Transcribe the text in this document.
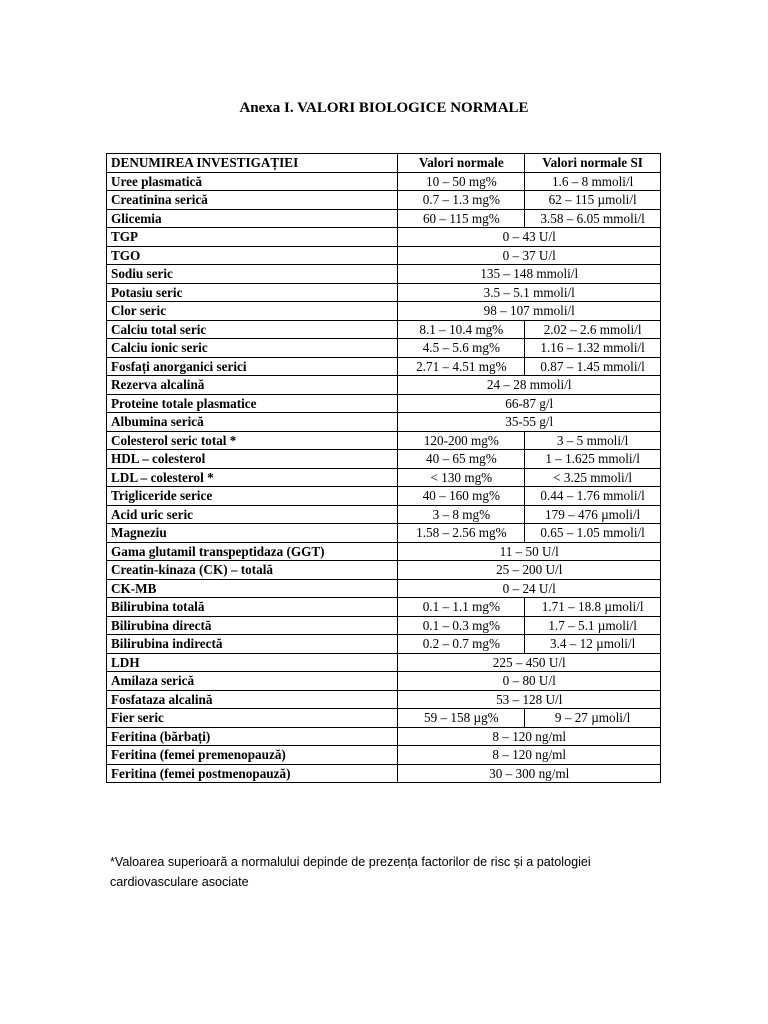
Anexa I. VALORI BIOLOGICE NORMALE
DENUMIREA INVESTIGAȚIEI	Valori normale	Valori normale SI
Uree plasmatică	10 – 50 mg%	1.6 – 8 mmoli/l
Creatinina serică	0.7 – 1.3 mg%	62 – 115 µmoli/l
Glicemia	60 – 115 mg%	3.58 – 6.05 mmoli/l
TGP	0 – 43 U/l	
TGO	0 – 37 U/l	
Sodiu seric	135 – 148 mmoli/l	
Potasiu seric	3.5 – 5.1 mmoli/l	
Clor seric	98 – 107 mmoli/l	
Calciu total seric	8.1 – 10.4 mg%	2.02 – 2.6 mmoli/l
Calciu ionic seric	4.5 – 5.6 mg%	1.16 – 1.32 mmoli/l
Fosfați anorganici serici	2.71 – 4.51 mg%	0.87 – 1.45 mmoli/l
Rezerva alcalină	24 – 28 mmoli/l	
Proteine totale plasmatice	66-87 g/l	
Albumina serică	35-55 g/l	
Colesterol seric total *	120-200 mg%	3 – 5 mmoli/l
HDL – colesterol	40 – 65 mg%	1 – 1.625 mmoli/l
LDL – colesterol *	< 130 mg%	< 3.25 mmoli/l
Trigliceride serice	40 – 160 mg%	0.44 – 1.76 mmoli/l
Acid uric seric	3 – 8 mg%	179 – 476 µmoli/l
Magneziu	1.58 – 2.56 mg%	0.65 – 1.05 mmoli/l
Gama glutamil transpeptidaza (GGT)	11 – 50 U/l	
Creatin-kinaza (CK) – totală	25 – 200 U/l	
CK-MB	0 – 24 U/l	
Bilirubina totală	0.1 – 1.1 mg%	1.71 – 18.8 µmoli/l
Bilirubina directă	0.1 – 0.3 mg%	1.7 – 5.1 µmoli/l
Bilirubina indirectă	0.2 – 0.7 mg%	3.4 – 12 µmoli/l
LDH	225 – 450 U/l	
Amilaza serică	0 – 80 U/l	
Fosfataza alcalină	53 – 128 U/l	
Fier seric	59 – 158 µg%	9 – 27 µmoli/l
Feritina (bărbați)	8 – 120 ng/ml	
Feritina (femei premenopauză)	8 – 120 ng/ml	
Feritina (femei postmenopauză)	30 – 300 ng/ml	
*Valoarea superioară a normalului depinde de prezența factorilor de risc și a patologiei cardiovasculare asociate
